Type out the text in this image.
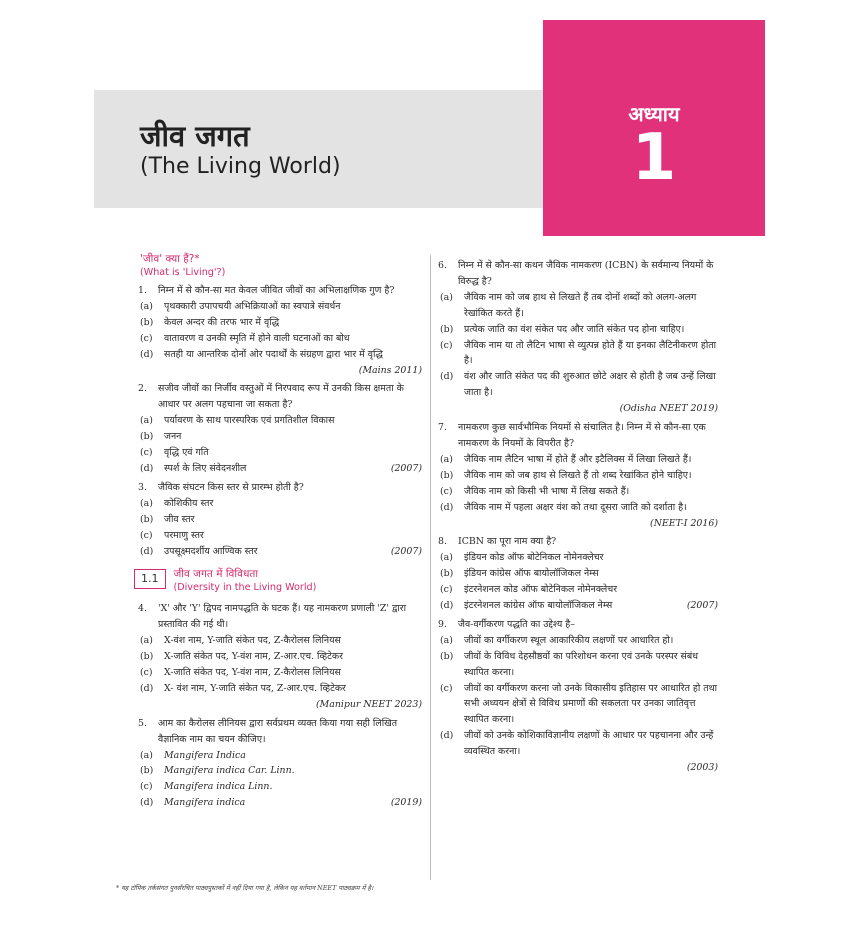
अध्याय
1
जीव जगत
(The Living World)
'जीव' क्या हैं?*
(What is 'Living'?)
1. निम्न में से कौन-सा मत केवल जीवित जीवों का अभिलाक्षणिक गुण है?
(a) पृथक्कारी उपापचयी अभिक्रियाओं का स्वपात्रे संवर्धन
(b) केवल अन्दर की तरफ भार में वृद्धि
(c) वातावरण व उनकी स्मृति में होने वाली घटनाओं का बोध
(d) सतही या आन्तरिक दोनों ओर पदार्थों के संग्रहण द्वारा भार में वृद्धि
(Mains 2011)
2. सजीव जीवों का निर्जीव वस्तुओं में निरपवाद रूप में उनकी किस क्षमता के आधार पर अलग पहचाना जा सकता है?
(a) पर्यावरण के साथ पारस्परिक एवं प्रगतिशील विकास
(b) जनन
(c) वृद्धि एवं गति
(d) स्पर्श के लिए संवेदनशील	(2007)
3. जैविक संघटन किस स्तर से प्रारम्भ होती है?
(a) कोशिकीय स्तर
(b) जीव स्तर
(c) परमाणु स्तर
(d) उपसूक्ष्मदर्शीय आण्विक स्तर	(2007)
1.1	जीव जगत में विविधता
(Diversity in the Living World)
4. 'X' और 'Y' द्विपद नामपद्धति के घटक हैं। यह नामकरण प्रणाली 'Z' द्वारा प्रस्तावित की गई थी।
(a) X-वंश नाम, Y-जाति संकेत पद, Z-कैरोलस लिनियस
(b) X-जाति संकेत पद, Y-वंश नाम, Z-आर.एच. व्हिटेकर
(c) X-जाति संकेत पद, Y-वंश नाम, Z-कैरोलस लिनियस
(d) X- वंश नाम, Y-जाति संकेत पद, Z-आर.एच. व्हिटेकर
(Manipur NEET 2023)
5. आम का कैरोलस लीनियस द्वारा सर्वप्रथम व्यक्त किया गया सही लिखित वैज्ञानिक नाम का चयन कीजिए।
(a) Mangifera Indica
(b) Mangifera indica Car. Linn.
(c) Mangifera indica Linn.
(d) Mangifera indica	(2019)
6. निम्न में से कौन-सा कथन जैविक नामकरण (ICBN) के सर्वमान्य नियमों के विरुद्ध है?
(a) जैविक नाम को जब हाथ से लिखते हैं तब दोनों शब्दों को अलग-अलग रेखांकित करते हैं।
(b) प्रत्येक जाति का वंश संकेत पद और जाति संकेत पद होना चाहिए।
(c) जैविक नाम या तो लैटिन भाषा से व्युत्पन्न होते हैं या इनका लैटिनीकरण होता है।
(d) वंश और जाति संकेत पद की शुरुआत छोटे अक्षर से होती है जब उन्हें लिखा जाता है।
(Odisha NEET 2019)
7. नामकरण कुछ सार्वभौमिक नियमों से संचालित है। निम्न में से कौन-सा एक नामकरण के नियमों के विपरीत है?
(a) जैविक नाम लैटिन भाषा में होते हैं और इटैलिक्स में लिखा लिखते हैं।
(b) जैविक नाम को जब हाथ से लिखते हैं तो शब्द रेखांकित होने चाहिए।
(c) जैविक नाम को किसी भी भाषा में लिख सकते हैं।
(d) जैविक नाम में पहला अक्षर वंश को तथा दूसरा जाति को दर्शाता है।
(NEET-I 2016)
8. ICBN का पूरा नाम क्या है?
(a) इंडियन कोड ऑफ बोटेनिकल नोमेनक्लेचर
(b) इंडियन कांग्रेस ऑफ बायोलॉजिकल नेम्स
(c) इंटरनेशनल कोड ऑफ बोटेनिकल नोमेनक्लेचर
(d) इंटरनेशनल कांग्रेस ऑफ बायोलॉजिकल नेम्स	(2007)
9. जैव-वर्गीकरण पद्धति का उद्देश्य है–
(a) जीवों का वर्गीकरण स्थूल आकारिकीय लक्षणों पर आधारित हो।
(b) जीवों के विविध देहसौष्ठवों का परिशोधन करना एवं उनके परस्पर संबंध स्थापित करना।
(c) जीवों का वर्गीकरण करना जो उनके विकासीय इतिहास पर आधारित हो तथा सभी अध्ययन क्षेत्रों से विविध प्रमाणों की सकलता पर उनका जातिवृत्त स्थापित करना।
(d) जीवों को उनके कोशिकाविज्ञानीय लक्षणों के आधार पर पहचानना और उन्हें व्यवस्थित करना।
(2003)
* यह टॉपिक तर्कसंगत पुनर्संरचित पाठ्यपुस्तकों में नहीं दिया गया है, लेकिन यह वर्तमान NEET पाठ्यक्रम में है।
